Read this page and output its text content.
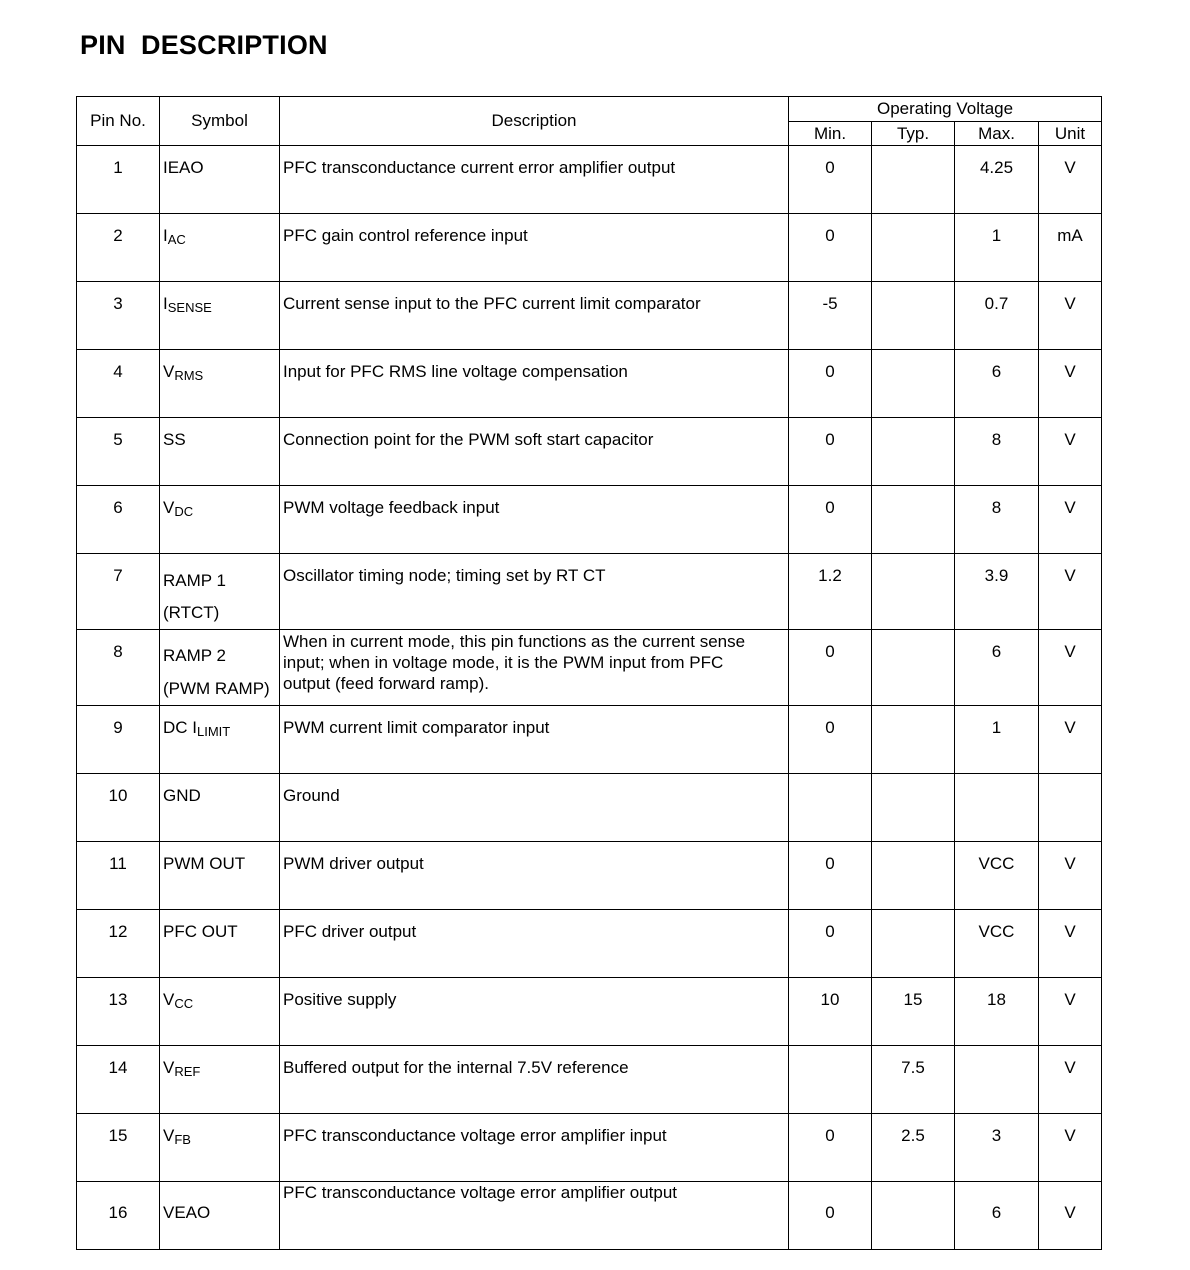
PIN  DESCRIPTION
Pin No.	Symbol	Description	Operating Voltage			
			Min.	Typ.	Max.	Unit

1	IEAO	PFC transconductance current error amplifier output	0		4.25	V

2	$I_{AC}$	PFC gain control reference input	0		1	mA

3	$I_{SENSE}$	Current sense input to the PFC current limit comparator	-5		0.7	V

4	$V_{RMS}$	Input for PFC RMS line voltage compensation	0		6	V

5	SS	Connection point for the PWM soft start capacitor	0		8	V

6	$V_{DC}$	PWM voltage feedback input	0		8	V

7	RAMP 1
(RTCT)	Oscillator timing node; timing set by RT CT	1.2		3.9	V

8	RAMP 2
(PWM RAMP)	When in current mode, this pin functions as the current sense
input; when in voltage mode, it is the PWM input from PFC
output (feed forward ramp).	0		6	V

9	DC $I_{LIMIT}$	PWM current limit comparator input	0		1	V

10	GND	Ground				

11	PWM OUT	PWM driver output	0		VCC	V

12	PFC OUT	PFC driver output	0		VCC	V

13	$V_{CC}$	Positive supply	10	15	18	V

14	$V_{REF}$	Buffered output for the internal 7.5V reference		7.5		V

15	$V_{FB}$	PFC transconductance voltage error amplifier input	0	2.5	3	V

16	VEAO	PFC transconductance voltage error amplifier output	0		6	V
